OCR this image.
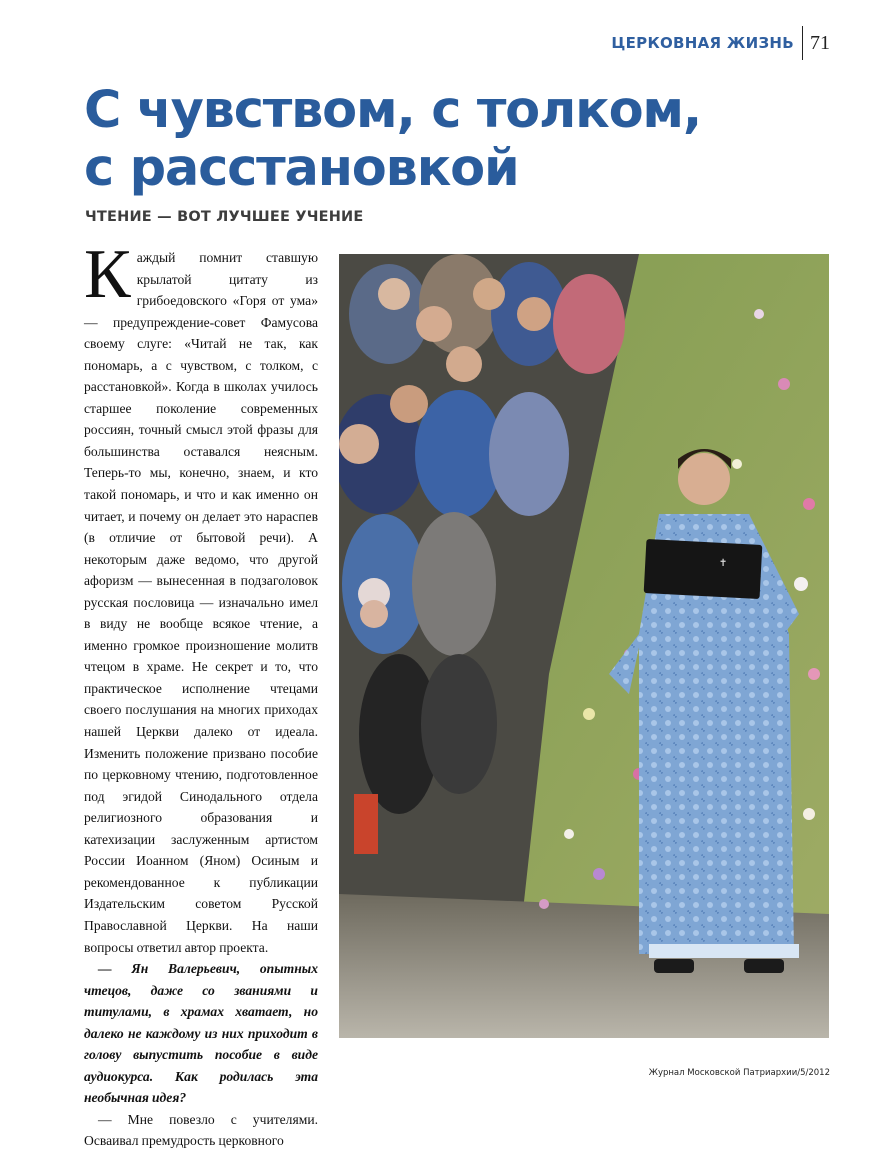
ЦЕРКОВНАЯ ЖИЗНЬ 71
С чувством, с толком,
с расстановкой
ЧТЕНИЕ — ВОТ ЛУЧШЕЕ УЧЕНИЕ

Каждый помнит ставшую крылатой цитату из грибоедовского «Горя от ума» — предупреждение-совет Фамусова своему слуге: «Читай не так, как пономарь, а с чувством, с толком, с расстановкой». Когда в школах училось старшее поколение современных россиян, точный смысл этой фразы для большинства оставался неясным. Теперь-то мы, конечно, знаем, и кто такой пономарь, и что и как именно он читает, и почему он делает это нараспев (в отличие от бытовой речи). А некоторым даже ведомо, что другой афоризм — вынесенная в подзаголовок русская пословица — изначально имел в виду не вообще всякое чтение, а именно громкое произношение молитв чтецом в храме. Не секрет и то, что практическое исполнение чтецами своего послушания на многих приходах нашей Церкви далеко от идеала. Изменить положение призвано пособие по церковному чтению, подготовленное под эгидой Синодального отдела религиозного образования и катехизации заслуженным артистом России Иоанном (Яном) Осиным и рекомендованное к публикации Издательским советом Русской Православной Церкви. На наши вопросы ответил автор проекта.

— Ян Валерьевич, опытных чтецов, даже со званиями и титулами, в храмах хватает, но далеко не каждому из них приходит в голову выпустить пособие в виде аудиокурса. Как родилась эта необычная идея?

— Мне повезло с учителями. Осваивал премудрость церковного

✝
Журнал Московской Патриархии/5/2012
